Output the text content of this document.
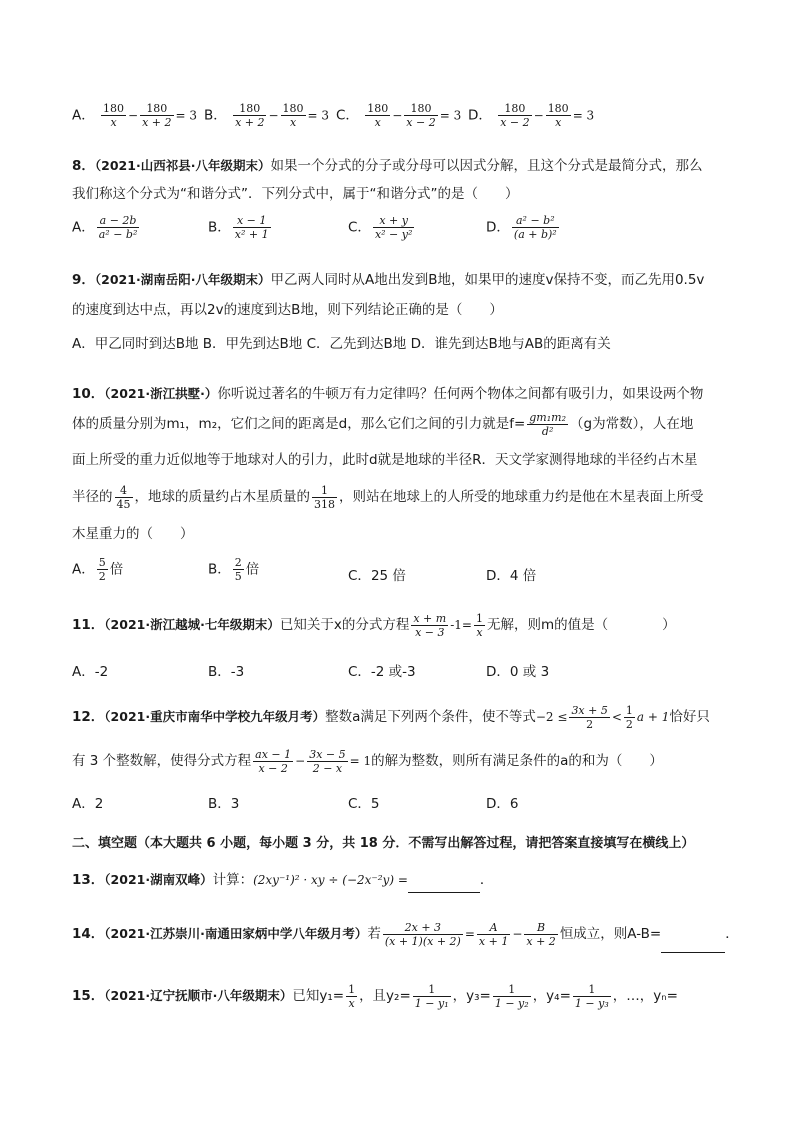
A． $\frac{180}{x} - \frac{180}{x + 2} = 3$ B． $\frac{180}{x + 2} - \frac{180}{x} = 3$ C． $\frac{180}{x} - \frac{180}{x - 2} = 3$ D． $\frac{180}{x - 2} - \frac{180}{x} = 3$
8．（2021·山西祁县·八年级期末）如果一个分式的分子或分母可以因式分解，且这个分式是最简分式，那么
我们称这个分式为“和谐分式”．下列分式中，属于“和谐分式”的是（　　）
A． $\frac{a - 2b}{\text{a² − b²}}$	B． $\frac{x - 1}{\text{x² + 1}}$	C． $\frac{x + y}{\text{x² − y²}}$	D． $\frac{\text{a² − b²}}{\text{(a + b)²}}$
9．（2021·湖南岳阳·八年级期末）甲乙两人同时从A地出发到B地，如果甲的速度v保持不变，而乙先用0.5v
的速度到达中点，再以2v的速度到达B地，则下列结论正确的是（　　）
A．甲乙同时到达B地 B．甲先到达B地 C．乙先到达B地 D．谁先到达B地与AB的距离有关
10．（2021·浙江拱墅·）你听说过著名的牛顿万有力定律吗？任何两个物体之间都有吸引力，如果设两个物
体的质量分别为m₁，m₂，它们之间的距离是d，那么它们之间的引力就是$f= \frac{\text{gm₁m₂}}{\text{d²}} (g$为常数），人在地
面上所受的重力近似地等于地球对人的引力，此时d就是地球的半径R．天文学家测得地球的半径约占木星
半径的 $\frac{4}{45}$ ，地球的质量约占木星质量的 $\frac{1}{318}$ ，则站在地球上的人所受的地球重力约是他在木星表面上所受
木星重力的（　　）
A． $\frac{5}{2}$ 倍	B． $\frac{2}{5}$ 倍	C．25 倍	D．4 倍
11．（2021·浙江越城·七年级期末）已知关于x的分式方程 $\frac{x + m}{x - 3} -1= \frac{1}{x}$ 无解，则m的值是（　　　　）
A．-2	B．-3	C．-2 或-3	D．0 或 3
12．（2021·重庆市南华中学校九年级月考）整数a满足下列两个条件，使不等式$-2 \le \frac{3x + 5}{2} < \frac{1}{2}$ a + 1恰好只
有 3 个整数解，使得分式方程 $\frac{ax - 1}{x - 2} - \frac{3x - 5}{2 - x} = 1$的解为整数，则所有满足条件的a的和为（　　）
A．2	B．3	C．5	D．6
二、填空题（本大题共 6 小题，每小题 3 分，共 18 分．不需写出解答过程，请把答案直接填写在横线上）
13．（2021·湖南双峰）计算：(2xy⁻¹)² · xy ÷ (−2x⁻²y) =	．
14．（2021·江苏崇川·南通田家炳中学八年级月考）若 $\frac{2x + 3}{(x + 1)(x + 2)} = \frac{A}{x + 1} - \frac{B}{x + 2}$ 恒成立，则A-B=	．
15．（2021·辽宁抚顺市·八年级期末）已知$y_1= \frac{1}{x}$ ，且$y_2= \frac{1}{\text{1 − y₁}}$ ，$y_3= \frac{1}{\text{1 − y₂}}$ ，$y_4= \frac{1}{\text{1 − y₃}}$ ，…，yₙ=
